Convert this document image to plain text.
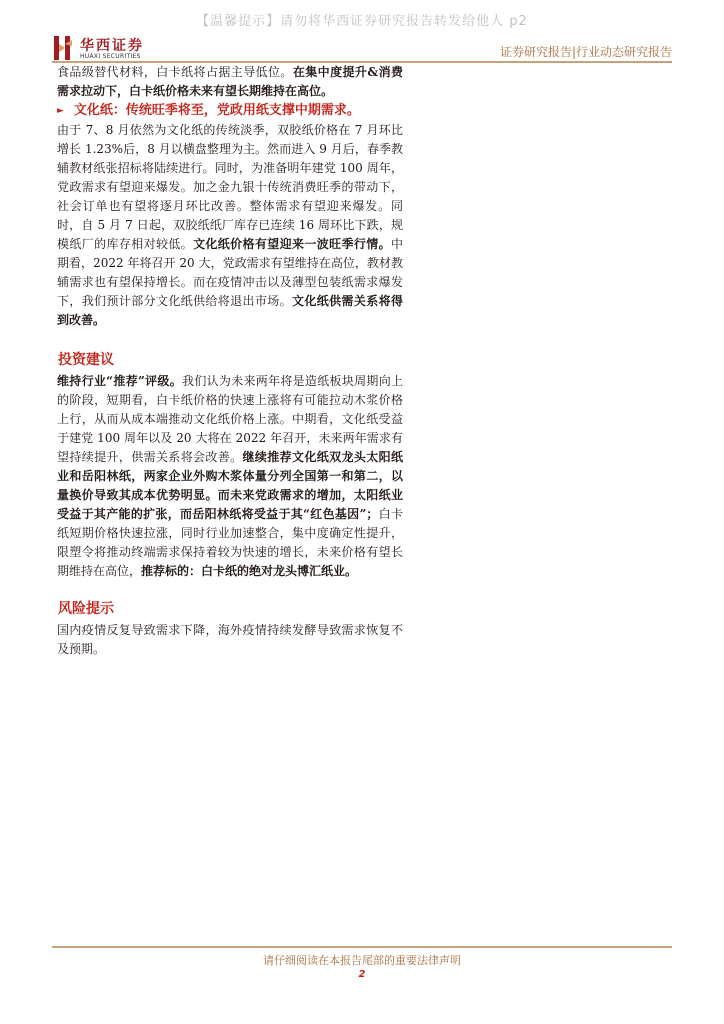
【温馨提示】请勿将华西证券研究报告转发给他人 p2
华西证券
HUAXI SECURITIES	证券研究报告|行业动态研究报告

食品级替代材料，白卡纸将占据主导低位。在集中度提升&消费需求拉动下，白卡纸价格未来有望长期维持在高位。

► 文化纸：传统旺季将至，党政用纸支撑中期需求。

由于 7、8 月依然为文化纸的传统淡季，双胶纸价格在 7 月环比增长 1.23%后，8 月以横盘整理为主。然而进入 9 月后，春季教辅教材纸张招标将陆续进行。同时，为准备明年建党 100 周年，党政需求有望迎来爆发。加之金九银十传统消费旺季的带动下，社会订单也有望将逐月环比改善。整体需求有望迎来爆发。同时，自 5 月 7 日起，双胶纸纸厂库存已连续 16 周环比下跌，规模纸厂的库存相对较低。文化纸价格有望迎来一波旺季行情。中期看，2022 年将召开 20 大，党政需求有望维持在高位，教材教辅需求也有望保持增长。而在疫情冲击以及薄型包装纸需求爆发下，我们预计部分文化纸供给将退出市场。文化纸供需关系将得到改善。

投资建议

维持行业“推荐”评级。我们认为未来两年将是造纸板块周期向上的阶段，短期看，白卡纸价格的快速上涨将有可能拉动木浆价格上行，从而从成本端推动文化纸价格上涨。中期看，文化纸受益于建党 100 周年以及 20 大将在 2022 年召开，未来两年需求有望持续提升，供需关系将会改善。继续推荐文化纸双龙头太阳纸业和岳阳林纸，两家企业外购木浆体量分列全国第一和第二，以量换价导致其成本优势明显。而未来党政需求的增加，太阳纸业受益于其产能的扩张，而岳阳林纸将受益于其“红色基因”；白卡纸短期价格快速拉涨，同时行业加速整合，集中度确定性提升，限塑令将推动终端需求保持着较为快速的增长，未来价格有望长期维持在高位，推荐标的：白卡纸的绝对龙头博汇纸业。

风险提示

国内疫情反复导致需求下降，海外疫情持续发酵导致需求恢复不及预期。

请仔细阅读在本报告尾部的重要法律声明
2
